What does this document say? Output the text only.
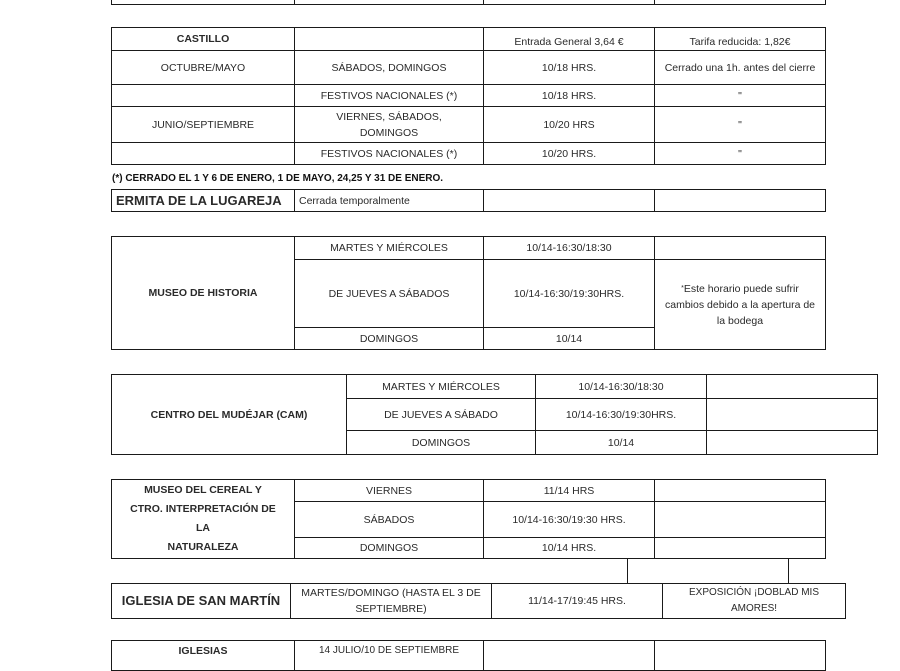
CASTILLO		Entrada General 3,64 €	Tarifa reducida: 1,82€
OCTUBRE/MAYO	SÁBADOS, DOMINGOS	10/18 HRS.	Cerrado una 1h. antes del cierre
	FESTIVOS NACIONALES (*)	10/18 HRS.	"
JUNIO/SEPTIEMBRE	VIERNES, SÁBADOS, DOMINGOS	10/20 HRS	"
	FESTIVOS NACIONALES (*)	10/20 HRS.	"
(*) CERRADO EL 1 Y 6 DE ENERO, 1 DE MAYO, 24,25 Y 31 DE ENERO.
ERMITA DE LA LUGAREJA	Cerrada temporalmente		
MUSEO DE HISTORIA	MARTES Y MIÉRCOLES	10/14-16:30/18:30	
	DE JUEVES A SÁBADOS	10/14-16:30/19:30HRS.	*Este horario puede sufrir cambios debido a la apertura de la bodega
	DOMINGOS	10/14	
CENTRO DEL MUDÉJAR (CAM)	MARTES Y MIÉRCOLES	10/14-16:30/18:30	
	DE JUEVES A SÁBADO	10/14-16:30/19:30HRS.	
	DOMINGOS	10/14	
MUSEO DEL CEREAL Y
CTRO. INTERPRETACIÓN DE LA
NATURALEZA	VIERNES	11/14 HRS	
	SÁBADOS	10/14-16:30/19:30 HRS.	
	DOMINGOS	10/14 HRS.	
IGLESIA DE SAN MARTÍN	MARTES/DOMINGO (HASTA EL 3 DE SEPTIEMBRE)	11/14-17/19:45 HRS.	EXPOSICIÓN ¡DOBLAD MIS AMORES!
IGLESIAS	14 JULIO/10 DE SEPTIEMBRE		
